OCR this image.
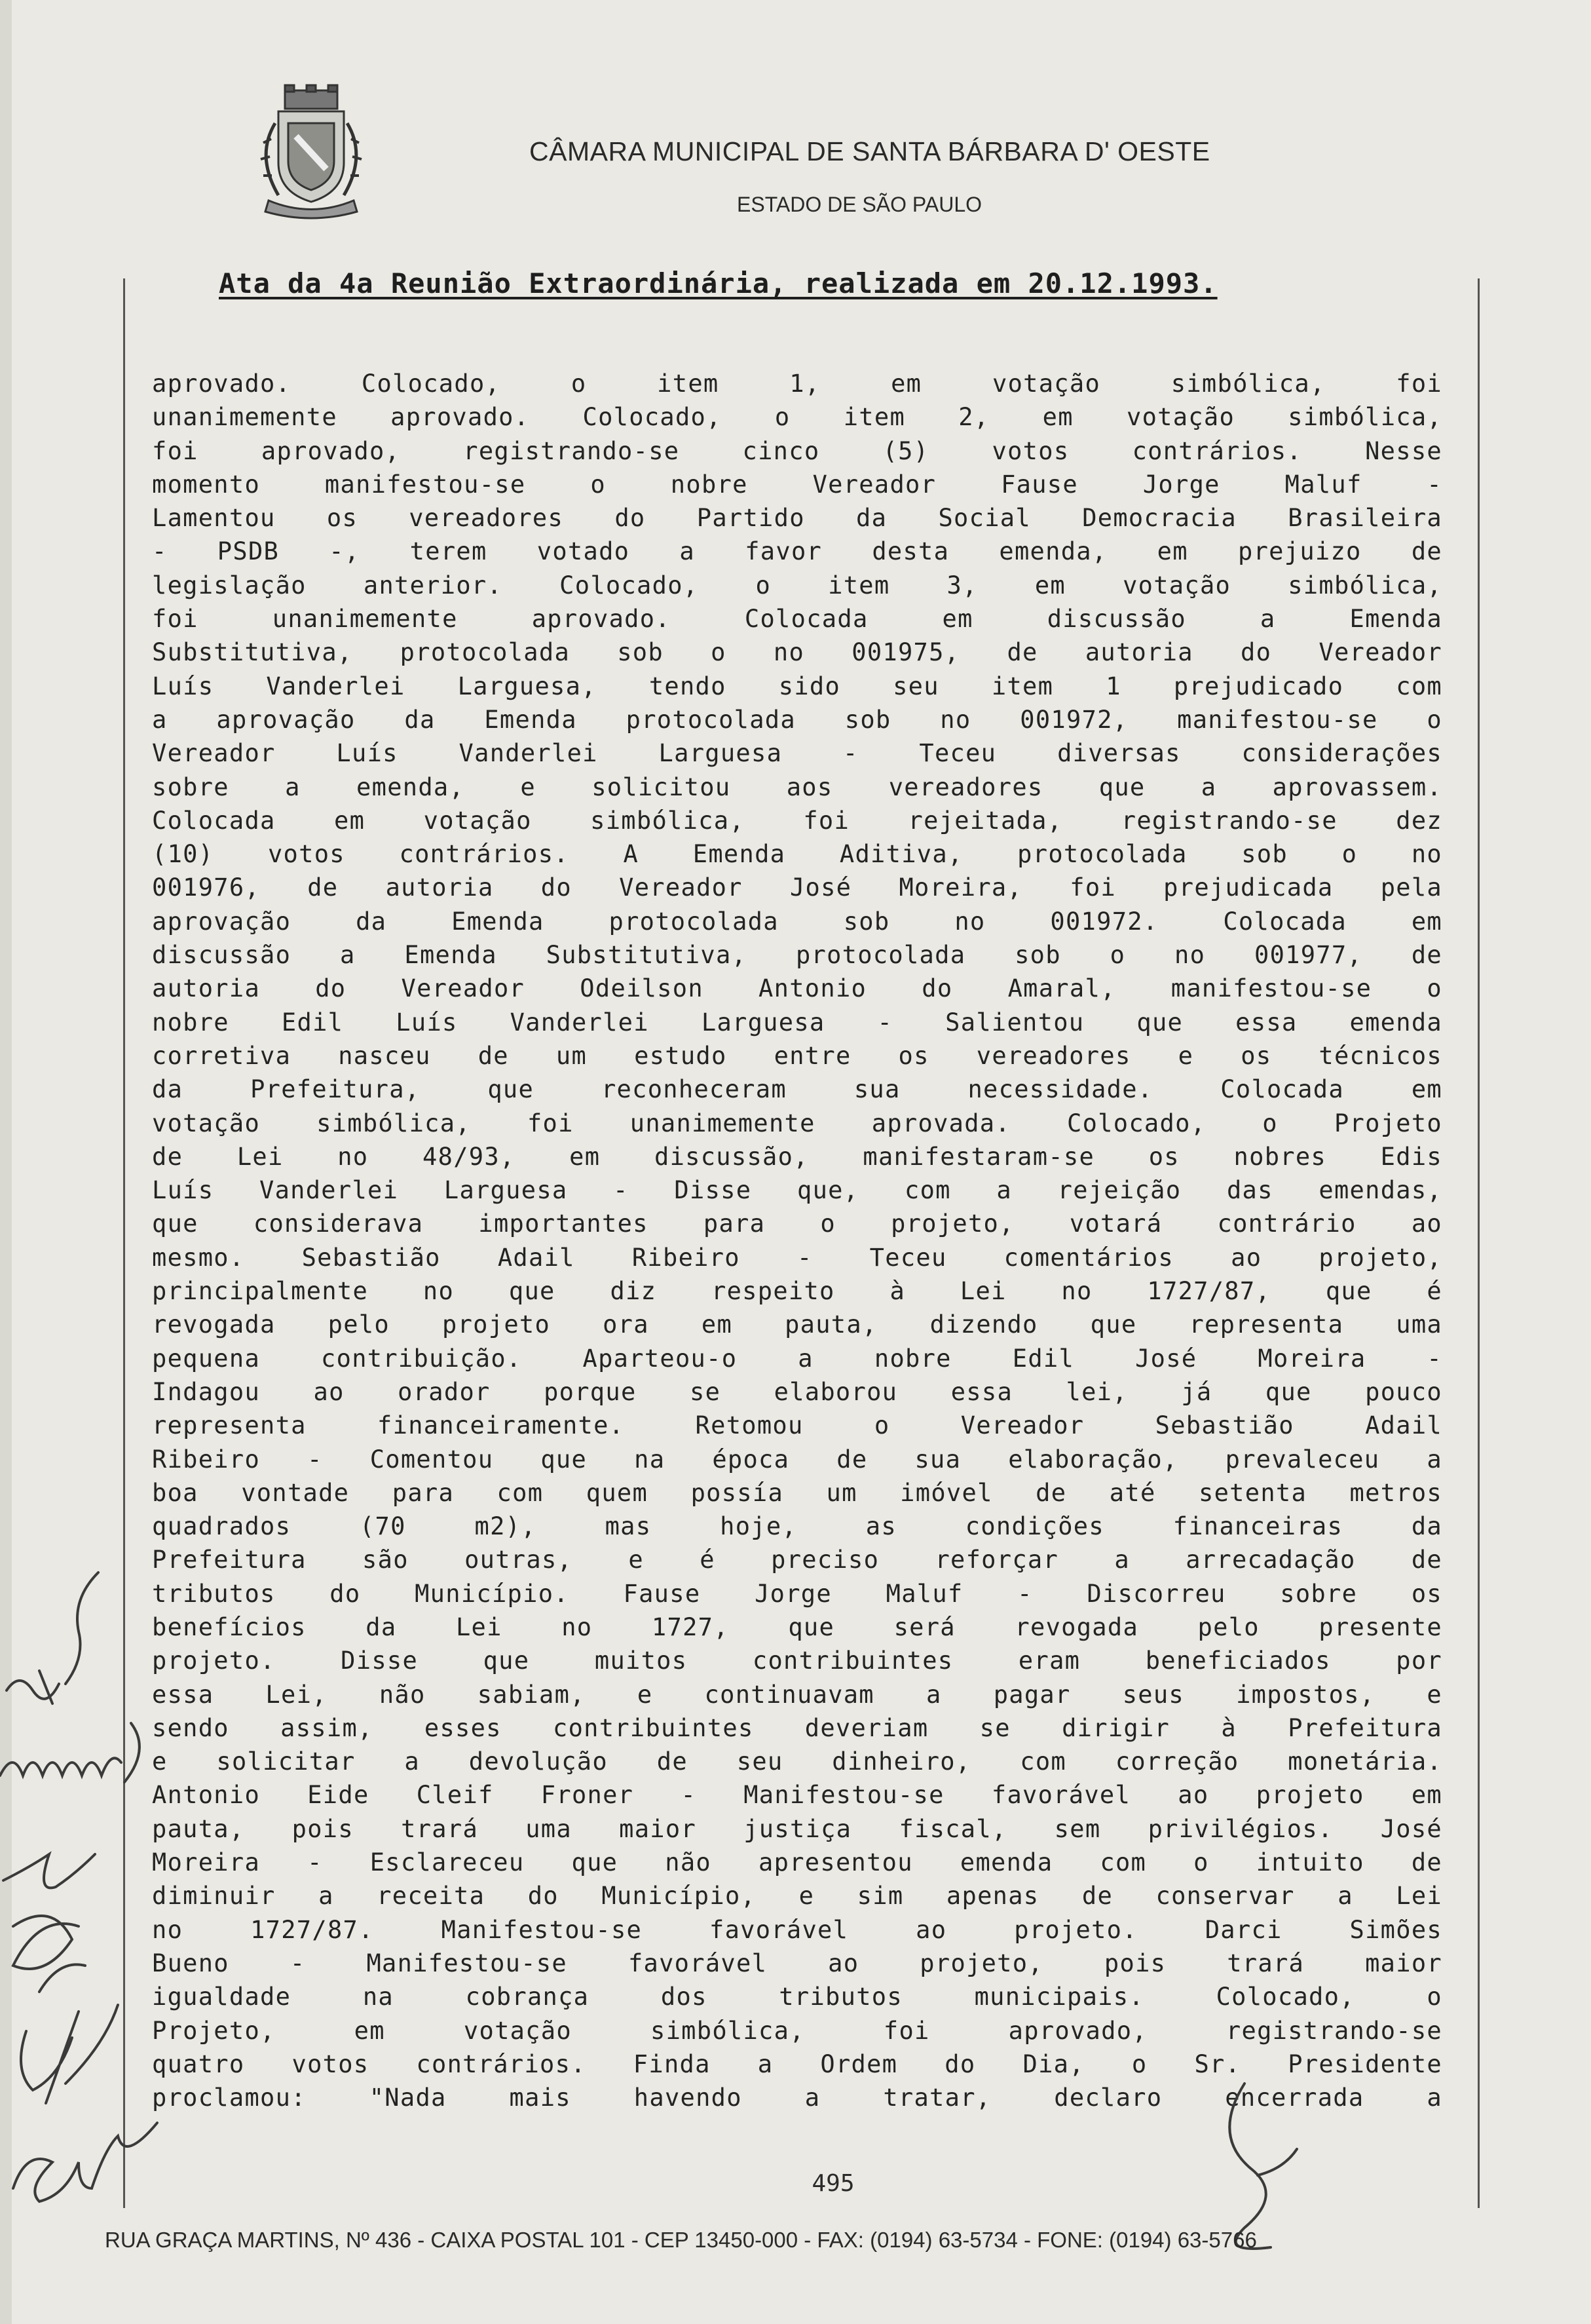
CÂMARA MUNICIPAL DE SANTA BÁRBARA D' OESTE
ESTADO DE SÃO PAULO
Ata da 4a Reunião Extraordinária, realizada em 20.12.1993.
aprovado. Colocado, o item 1, em votação simbólica, foi
unanimemente aprovado. Colocado, o item 2, em votação simbólica,
foi aprovado, registrando-se cinco (5) votos contrários. Nesse
momento manifestou-se o nobre Vereador Fause Jorge Maluf -
Lamentou os vereadores do Partido da Social Democracia Brasileira
- PSDB -, terem votado a favor desta emenda, em prejuizo de
legislação anterior. Colocado, o item 3, em votação simbólica,
foi unanimemente aprovado. Colocada em discussão a Emenda
Substitutiva, protocolada sob o no 001975, de autoria do Vereador
Luís Vanderlei Larguesa, tendo sido seu item 1 prejudicado com
a aprovação da Emenda protocolada sob no 001972, manifestou-se o
Vereador Luís Vanderlei Larguesa - Teceu diversas considerações
sobre a emenda, e solicitou aos vereadores que a aprovassem.
Colocada em votação simbólica, foi rejeitada, registrando-se dez
(10) votos contrários. A Emenda Aditiva, protocolada sob o no
001976, de autoria do Vereador José Moreira, foi prejudicada pela
aprovação da Emenda protocolada sob no 001972. Colocada em
discussão a Emenda Substitutiva, protocolada sob o no 001977, de
autoria do Vereador Odeilson Antonio do Amaral, manifestou-se o
nobre Edil Luís Vanderlei Larguesa - Salientou que essa emenda
corretiva nasceu de um estudo entre os vereadores e os técnicos
da Prefeitura, que reconheceram sua necessidade. Colocada em
votação simbólica, foi unanimemente aprovada. Colocado, o Projeto
de Lei no 48/93, em discussão, manifestaram-se os nobres Edis
Luís Vanderlei Larguesa - Disse que, com a rejeição das emendas,
que considerava importantes para o projeto, votará contrário ao
mesmo. Sebastião Adail Ribeiro - Teceu comentários ao projeto,
principalmente no que diz respeito à Lei no 1727/87, que é
revogada pelo projeto ora em pauta, dizendo que representa uma
pequena contribuição. Aparteou-o a nobre Edil José Moreira -
Indagou ao orador porque se elaborou essa lei, já que pouco
representa financeiramente. Retomou o Vereador Sebastião Adail
Ribeiro - Comentou que na época de sua elaboração, prevaleceu a
boa vontade para com quem possía um imóvel de até setenta metros
quadrados (70 m2), mas hoje, as condições financeiras da
Prefeitura são outras, e é preciso reforçar a arrecadação de
tributos do Município. Fause Jorge Maluf - Discorreu sobre os
benefícios da Lei no 1727, que será revogada pelo presente
projeto. Disse que muitos contribuintes eram beneficiados por
essa Lei, não sabiam, e continuavam a pagar seus impostos, e
sendo assim, esses contribuintes deveriam se dirigir à Prefeitura
e solicitar a devolução de seu dinheiro, com correção monetária.
Antonio Eide Cleif Froner - Manifestou-se favorável ao projeto em
pauta, pois trará uma maior justiça fiscal, sem privilégios. José
Moreira - Esclareceu que não apresentou emenda com o intuito de
diminuir a receita do Município, e sim apenas de conservar a Lei
no 1727/87. Manifestou-se favorável ao projeto. Darci Simões
Bueno - Manifestou-se favorável ao projeto, pois trará maior
igualdade na cobrança dos tributos municipais. Colocado, o
Projeto, em votação simbólica, foi aprovado, registrando-se
quatro votos contrários. Finda a Ordem do Dia, o Sr. Presidente
proclamou: "Nada mais havendo a tratar, declaro encerrada a
495
RUA GRAÇA MARTINS, Nº 436 - CAIXA POSTAL 101 - CEP 13450-000 - FAX: (0194) 63-5734 - FONE: (0194) 63-5766
